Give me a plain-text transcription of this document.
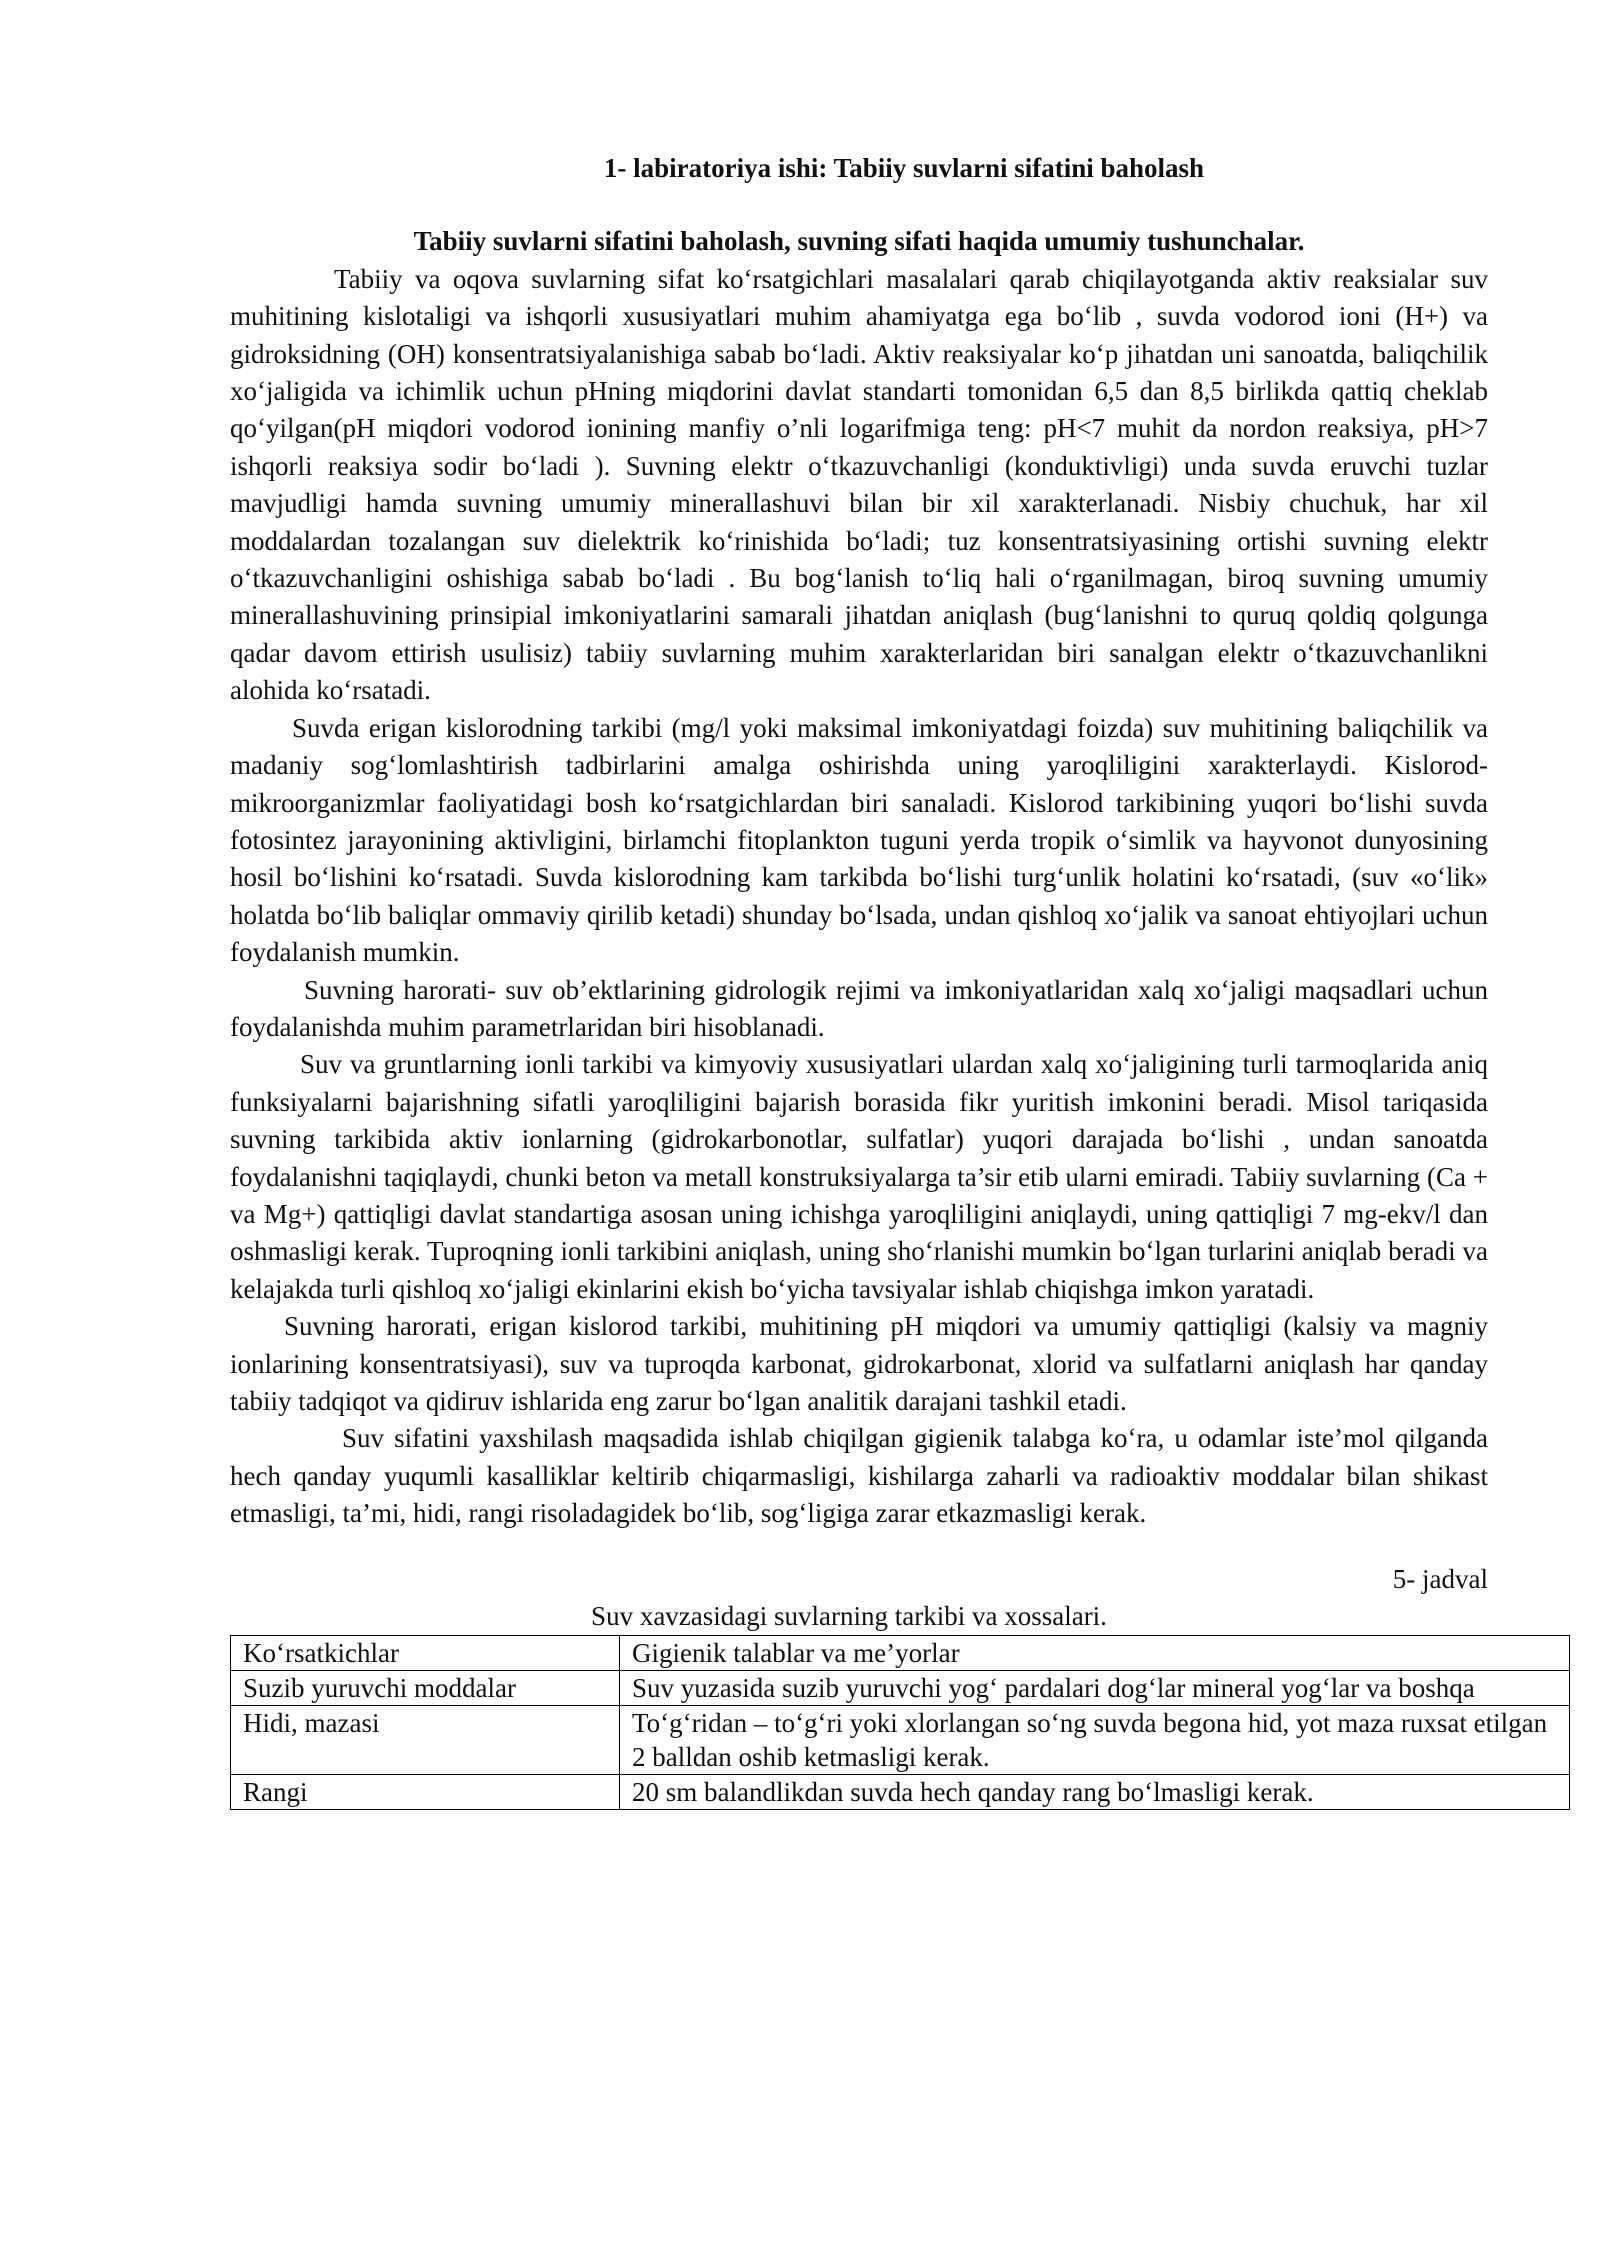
1- labiratoriya ishi: Tabiiy suvlarni sifatini baholash

Tabiiy suvlarni sifatini baholash, suvning sifati haqida umumiy tushunchalar.

Tabiiy va oqova suvlarning sifat ko‘rsatgichlari masalalari qarab chiqilayotganda aktiv reaksialar suv muhitining kislotaligi va ishqorli xususiyatlari muhim ahamiyatga ega bo‘lib , suvda vodorod ioni (H+) va gidroksidning (OH) konsentratsiyalanishiga sabab bo‘ladi. Aktiv reaksiyalar ko‘p jihatdan uni sanoatda, baliqchilik xo‘jaligida va ichimlik uchun pHning miqdorini davlat standarti tomonidan 6,5 dan 8,5 birlikda qattiq cheklab qo‘yilgan(pH miqdori vodorod ionining manfiy o’nli logarifmiga teng: pH<7 muhit da nordon reaksiya, pH>7 ishqorli reaksiya sodir bo‘ladi ). Suvning elektr o‘tkazuvchanligi (konduktivligi) unda suvda eruvchi tuzlar mavjudligi hamda suvning umumiy minerallashuvi bilan bir xil xarakterlanadi. Nisbiy chuchuk, har xil moddalardan tozalangan suv dielektrik ko‘rinishida bo‘ladi; tuz konsentratsiyasining ortishi suvning elektr o‘tkazuvchanligini oshishiga sabab bo‘ladi . Bu bog‘lanish to‘liq hali o‘rganilmagan, biroq suvning umumiy minerallashuvining prinsipial imkoniyatlarini samarali jihatdan aniqlash (bug‘lanishni to quruq qoldiq qolgunga qadar davom ettirish usulisiz) tabiiy suvlarning muhim xarakterlaridan biri sanalgan elektr o‘tkazuvchanlikni alohida ko‘rsatadi.

Suvda erigan kislorodning tarkibi (mg/l yoki maksimal imkoniyatdagi foizda) suv muhitining baliqchilik va madaniy sog‘lomlashtirish tadbirlarini amalga oshirishda uning yaroqliligini xarakterlaydi. Kislorod-mikroorganizmlar faoliyatidagi bosh ko‘rsatgichlardan biri sanaladi. Kislorod tarkibining yuqori bo‘lishi suvda fotosintez jarayonining aktivligini, birlamchi fitoplankton tuguni yerda tropik o‘simlik va hayvonot dunyosining hosil bo‘lishini ko‘rsatadi. Suvda kislorodning kam tarkibda bo‘lishi turg‘unlik holatini ko‘rsatadi, (suv «o‘lik» holatda bo‘lib baliqlar ommaviy qirilib ketadi) shunday bo‘lsada, undan qishloq xo‘jalik va sanoat ehtiyojlari uchun foydalanish mumkin.

Suvning harorati- suv ob’ektlarining gidrologik rejimi va imkoniyatlaridan xalq xo‘jaligi maqsadlari uchun foydalanishda muhim parametrlaridan biri hisoblanadi.

Suv va gruntlarning ionli tarkibi va kimyoviy xususiyatlari ulardan xalq xo‘jaligining turli tarmoqlarida aniq funksiyalarni bajarishning sifatli yaroqliligini bajarish borasida fikr yuritish imkonini beradi. Misol tariqasida suvning tarkibida aktiv ionlarning (gidrokarbonotlar, sulfatlar) yuqori darajada bo‘lishi , undan sanoatda foydalanishni taqiqlaydi, chunki beton va metall konstruksiyalarga ta’sir etib ularni emiradi. Tabiiy suvlarning (Ca + va Mg+) qattiqligi davlat standartiga asosan uning ichishga yaroqliligini aniqlaydi, uning qattiqligi 7 mg-ekv/l dan oshmasligi kerak. Tuproqning ionli tarkibini aniqlash, uning sho‘rlanishi mumkin bo‘lgan turlarini aniqlab beradi va kelajakda turli qishloq xo‘jaligi ekinlarini ekish bo‘yicha tavsiyalar ishlab chiqishga imkon yaratadi.

Suvning harorati, erigan kislorod tarkibi, muhitining pH miqdori va umumiy qattiqligi (kalsiy va magniy ionlarining konsentratsiyasi), suv va tuproqda karbonat, gidrokarbonat, xlorid va sulfatlarni aniqlash har qanday tabiiy tadqiqot va qidiruv ishlarida eng zarur bo‘lgan analitik darajani tashkil etadi.

Suv sifatini yaxshilash maqsadida ishlab chiqilgan gigienik talabga ko‘ra, u odamlar iste’mol qilganda hech qanday yuqumli kasalliklar keltirib chiqarmasligi, kishilarga zaharli va radioaktiv moddalar bilan shikast etmasligi, ta’mi, hidi, rangi risoladagidek bo‘lib, sog‘ligiga zarar etkazmasligi kerak.

5- jadval

Suv xavzasidagi suvlarning tarkibi va xossalari.

Ko‘rsatkichlar	Gigienik talablar va me’yorlar
Suzib yuruvchi moddalar	Suv yuzasida suzib yuruvchi yog‘ pardalari dog‘lar mineral yog‘lar va boshqa
Hidi, mazasi	To‘g‘ridan – to‘g‘ri yoki xlorlangan so‘ng suvda begona hid, yot maza ruxsat etilgan 2 balldan oshib ketmasligi kerak.
Rangi	20 sm balandlikdan suvda hech qanday rang bo‘lmasligi kerak.
